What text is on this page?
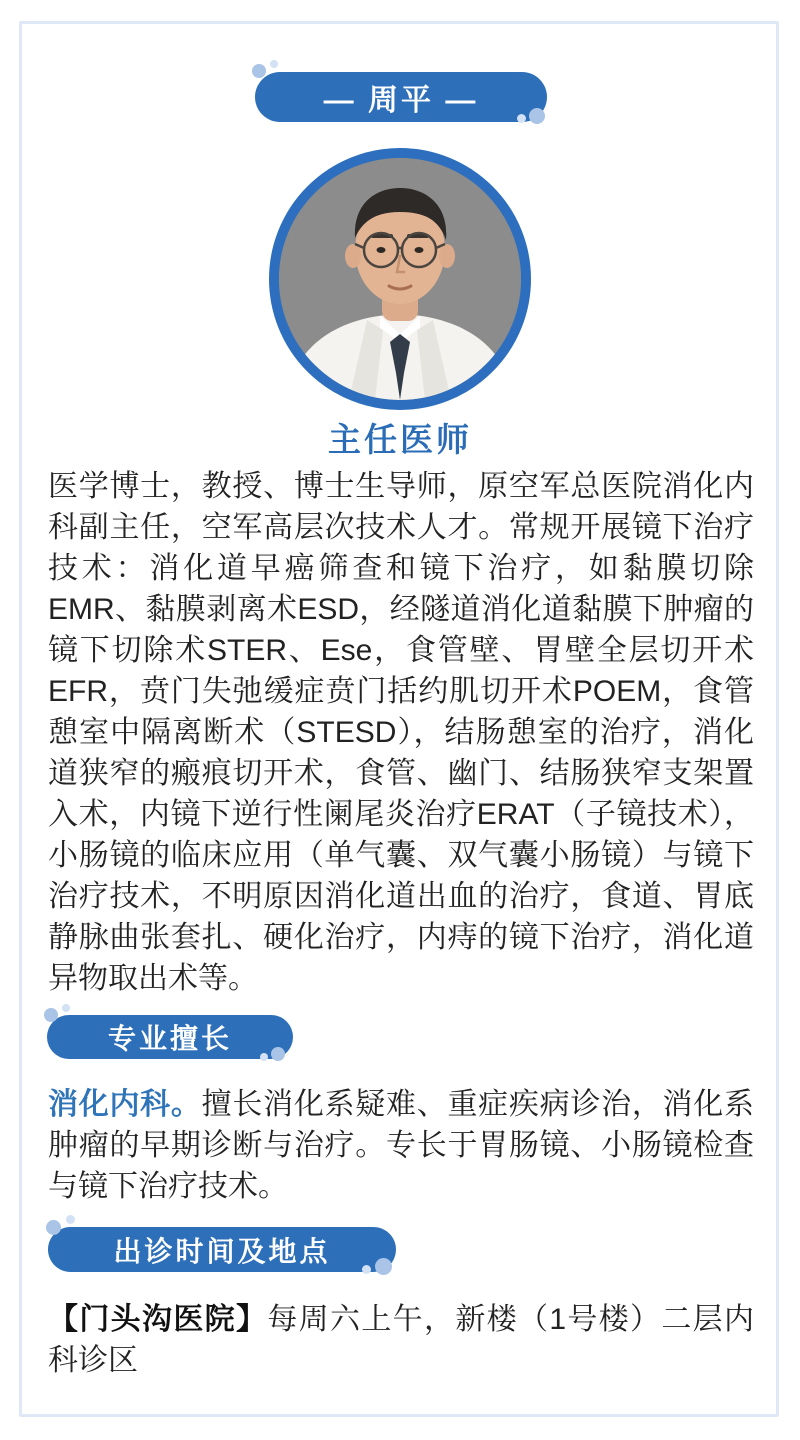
— 周平 —
主任医师

医学博士，教授、博士生导师，原空军总医院消化内科副主任，空军高层次技术人才。常规开展镜下治疗技术：消化道早癌筛查和镜下治疗，如黏膜切除EMR、黏膜剥离术ESD，经隧道消化道黏膜下肿瘤的镜下切除术STER、Ese，食管壁、胃壁全层切开术EFR，贲门失弛缓症贲门括约肌切开术POEM，食管憩室中隔离断术（STESD），结肠憩室的治疗，消化道狭窄的瘢痕切开术，食管、幽门、结肠狭窄支架置入术，内镜下逆行性阑尾炎治疗ERAT（子镜技术），小肠镜的临床应用（单气囊、双气囊小肠镜）与镜下治疗技术，不明原因消化道出血的治疗，食道、胃底静脉曲张套扎、硬化治疗，内痔的镜下治疗，消化道异物取出术等。

专业擅长

消化内科。擅长消化系疑难、重症疾病诊治，消化系肿瘤的早期诊断与治疗。专长于胃肠镜、小肠镜检查与镜下治疗技术。

出诊时间及地点

【门头沟医院】每周六上午，新楼（1号楼）二层内科诊区
